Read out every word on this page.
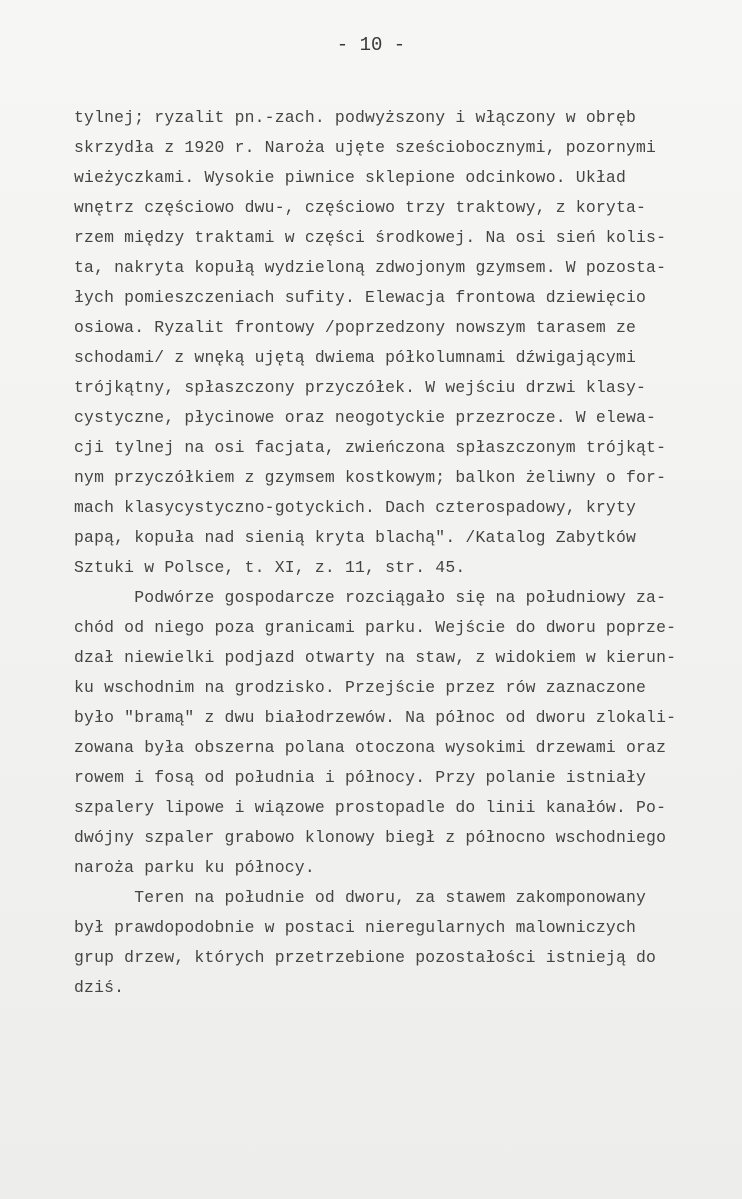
- 10 -
tylnej; ryzalit pn.-zach. podwyższony i włączony w obręb
skrzydła z 1920 r. Naroża ujęte sześciobocznymi, pozornymi
wieżyczkami. Wysokie piwnice sklepione odcinkowo. Układ
wnętrz częściowo dwu-, częściowo trzy traktowy, z koryta-
rzem między traktami w części środkowej. Na osi sień kolis-
ta, nakryta kopułą wydzieloną zdwojonym gzymsem. W pozosta-
łych pomieszczeniach sufity. Elewacja frontowa dziewięcio
osiowa. Ryzalit frontowy /poprzedzony nowszym tarasem ze
schodami/ z wnęką ujętą dwiema półkolumnami dźwigającymi
trójkątny, spłaszczony przyczółek. W wejściu drzwi klasy-
cystyczne, płycinowe oraz neogotyckie przezrocze. W elewa-
cji tylnej na osi facjata, zwieńczona spłaszczonym trójkąt-
nym przyczółkiem z gzymsem kostkowym; balkon żeliwny o for-
mach klasycystyczno-gotyckich. Dach czterospadowy, kryty
papą, kopuła nad sienią kryta blachą". /Katalog Zabytków
Sztuki w Polsce, t. XI, z. 11, str. 45.
Podwórze gospodarcze rozciągało się na południowy za-
chód od niego poza granicami parku. Wejście do dworu poprze-
dzał niewielki podjazd otwarty na staw, z widokiem w kierun-
ku wschodnim na grodzisko. Przejście przez rów zaznaczone
było "bramą" z dwu białodrzewów. Na północ od dworu zlokali-
zowana była obszerna polana otoczona wysokimi drzewami oraz
rowem i fosą od południa i północy. Przy polanie istniały
szpalery lipowe i wiązowe prostopadle do linii kanałów. Po-
dwójny szpaler grabowo klonowy biegł z północno wschodniego
naroża parku ku północy.
Teren na południe od dworu, za stawem zakomponowany
był prawdopodobnie w postaci nieregularnych malowniczych
grup drzew, których przetrzebione pozostałości istnieją do
dziś.
